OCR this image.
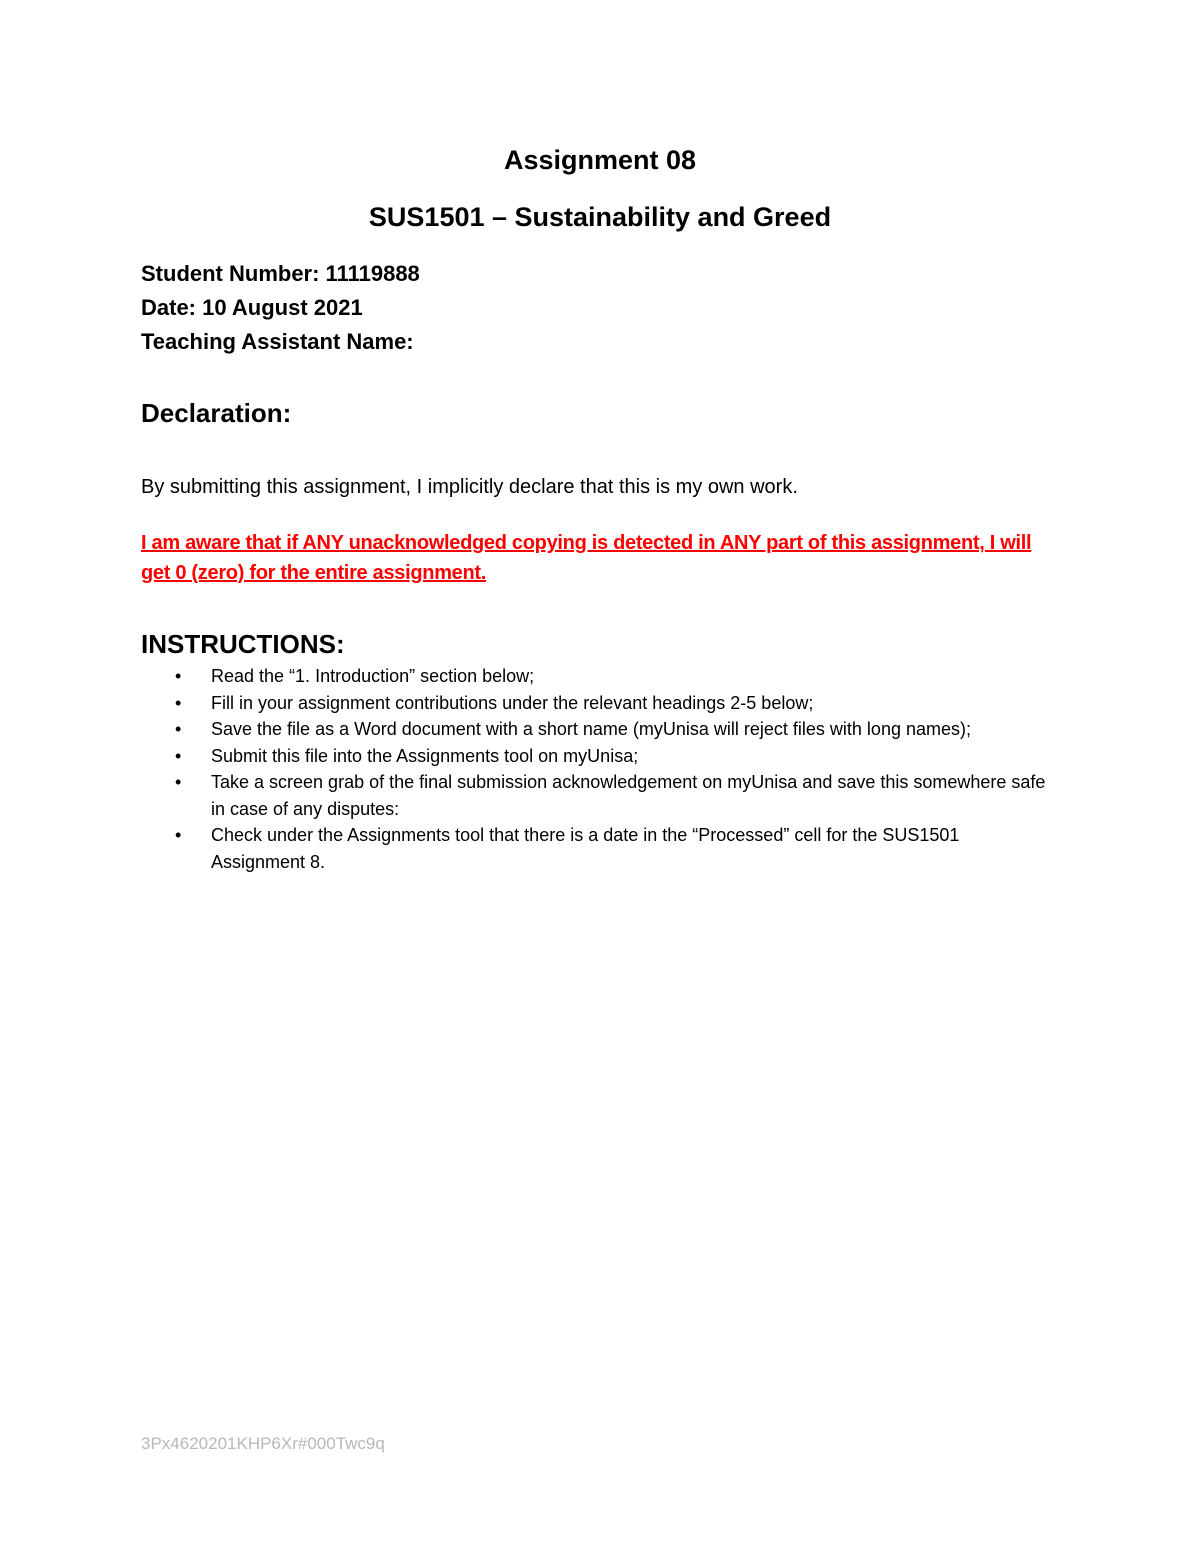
Assignment 08
SUS1501 – Sustainability and Greed
Student Number: 11119888
Date: 10 August 2021
Teaching Assistant Name:
Declaration:
By submitting this assignment, I implicitly declare that this is my own work.
I am aware that if ANY unacknowledged copying is detected in ANY part of this assignment, I will get 0 (zero) for the entire assignment.
INSTRUCTIONS:
• Read the “1. Introduction” section below;
• Fill in your assignment contributions under the relevant headings 2-5 below;
• Save the file as a Word document with a short name (myUnisa will reject files with long names);
• Submit this file into the Assignments tool on myUnisa;
• Take a screen grab of the final submission acknowledgement on myUnisa and save this somewhere safe in case of any disputes:
• Check under the Assignments tool that there is a date in the “Processed” cell for the SUS1501 Assignment 8.
3Px4620201KHP6Xr#000Twc9q
